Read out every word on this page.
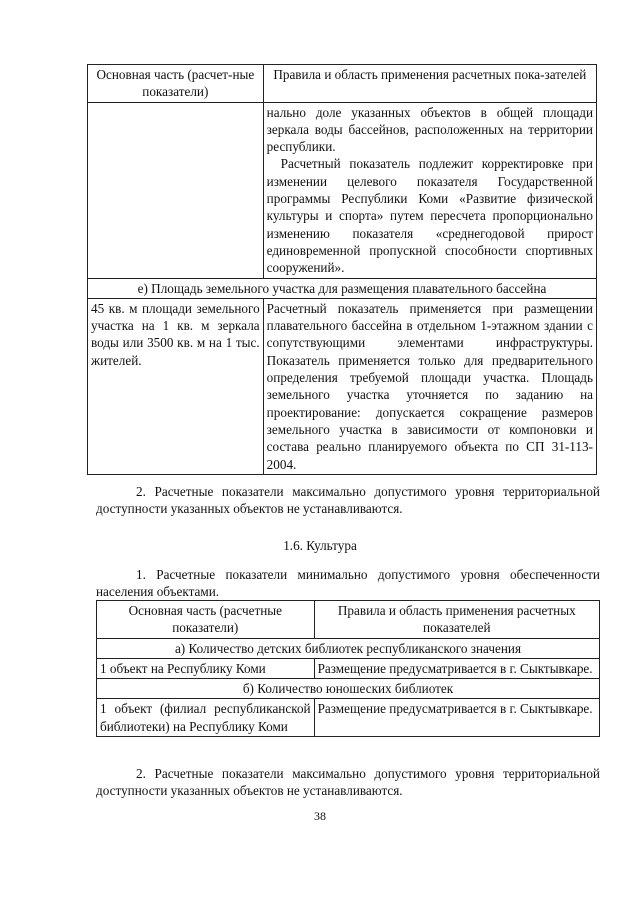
Основная часть (расчет-ные показатели)	Правила и область применения расчетных пока-зателей

	нально доле указанных объектов в общей площади зеркала воды бассейнов, расположенных на территории республики.
Расчетный показатель подлежит корректировке при изменении целевого показателя Государственной программы Республики Коми «Развитие физической культуры и спорта» путем пересчета пропорционально изменению показателя «среднегодовой прирост единовременной пропускной способности спортивных сооружений».

е) Площадь земельного участка для размещения плавательного бассейна	
45 кв. м площади земельного участка на 1 кв. м зеркала воды или 3500 кв. м на 1 тыс. жителей.	Расчетный показатель применяется при размещении плавательного бассейна в отдельном 1-этажном здании с сопутствующими элементами инфраструктуры. Показатель применяется только для предварительного определения требуемой площади участка. Площадь земельного участка уточняется по заданию на проектирование: допускается сокращение размеров земельного участка в зависимости от компоновки и состава реально планируемого объекта по СП 31-113-2004.
2. Расчетные показатели максимально допустимого уровня территориальной доступности указанных объектов не устанавливаются.
1.6. Культура
1. Расчетные показатели минимально допустимого уровня обеспеченности населения объектами.
Основная часть (расчетные показатели)	Правила и область применения расчетных показателей
а) Количество детских библиотек республиканского значения	
1 объект на Республику Коми	Размещение предусматривается в г. Сыктывкаре.
б) Количество юношеских библиотек	
1 объект (филиал республиканской библиотеки) на Республику Коми	Размещение предусматривается в г. Сыктывкаре.
2. Расчетные показатели максимально допустимого уровня территориальной доступности указанных объектов не устанавливаются.
38
